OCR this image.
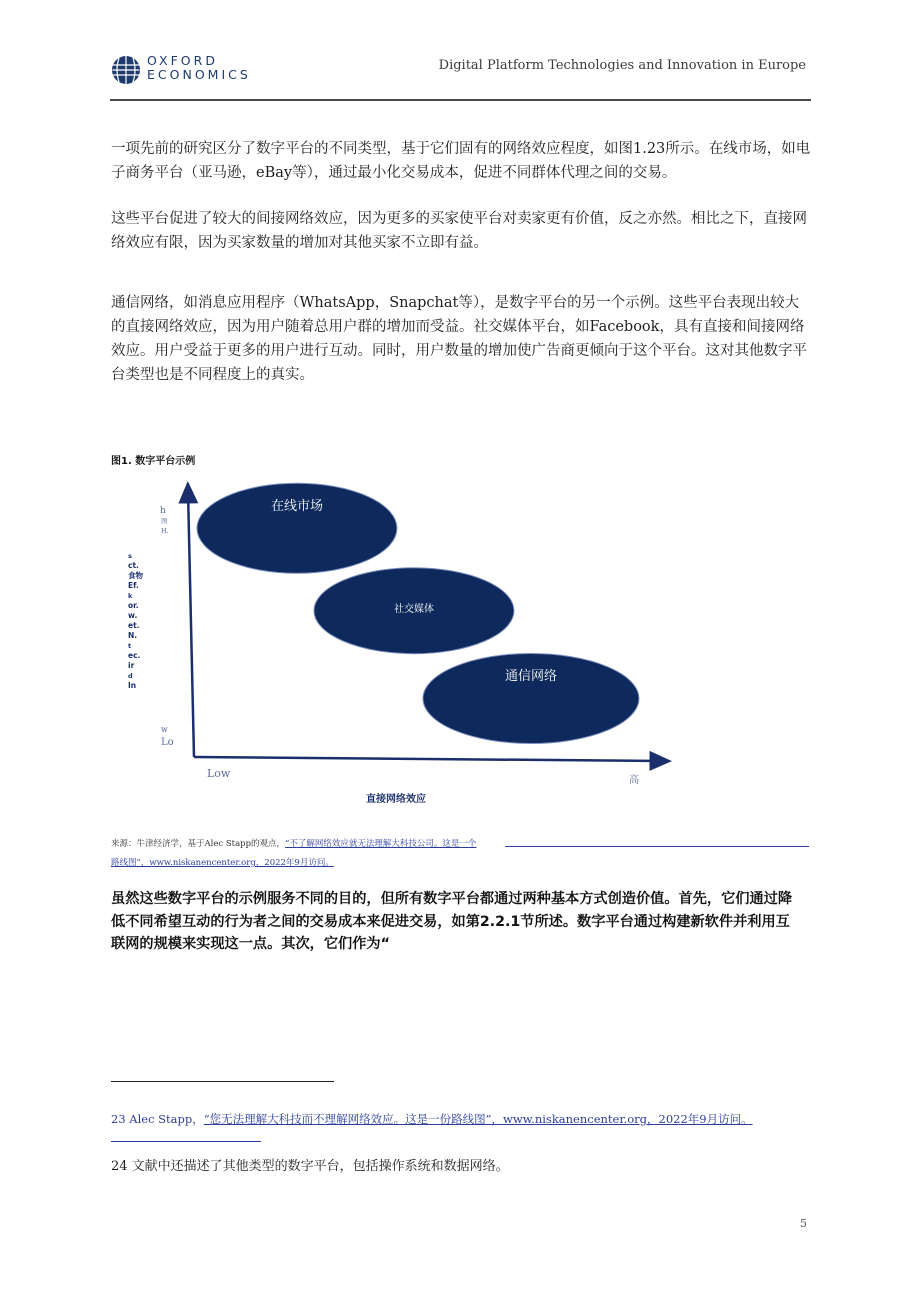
OXFORD
ECONOMICS
Digital Platform Technologies and Innovation in Europe
一项先前的研究区分了数字平台的不同类型，基于它们固有的网络效应程度，如图1.23所示。在线市场，如电子商务平台（亚马逊，eBay等），通过最小化交易成本，促进不同群体代理之间的交易。
这些平台促进了较大的间接网络效应，因为更多的买家使平台对卖家更有价值，反之亦然。相比之下，直接网络效应有限，因为买家数量的增加对其他买家不立即有益。
通信网络，如消息应用程序（WhatsApp，Snapchat等），是数字平台的另一个示例。这些平台表现出较大的直接网络效应，因为用户随着总用户群的增加而受益。社交媒体平台，如Facebook，具有直接和间接网络效应。用户受益于更多的用户进行互动。同时，用户数量的增加使广告商更倾向于这个平台。这对其他数字平台类型也是不同程度上的真实。
图1. 数字平台示例
在线市场
社交媒体
通信网络
h
图
H.
w
Lo
Low
高
直接网络效应
s
ct.
食物
Ef.
k
or.
w.
et.
N.
t
ec.
ir
d
In
来源：牛津经济学，基于Alec Stapp的观点，“不了解网络效应就无法理解大科技公司。这是一个
路线图”，www.niskanencenter.org，2022年9月访问。
虽然这些数字平台的示例服务不同的目的，但所有数字平台都通过两种基本方式创造价值。首先，它们通过降低不同希望互动的行为者之间的交易成本来促进交易，如第2.2.1节所述。数字平台通过构建新软件并利用互联网的规模来实现这一点。其次，它们作为“
23 Alec Stapp，“您无法理解大科技而不理解网络效应。这是一份路线图”，www.niskanencenter.org，2022年9月访问。
24 文献中还描述了其他类型的数字平台，包括操作系统和数据网络。
5
